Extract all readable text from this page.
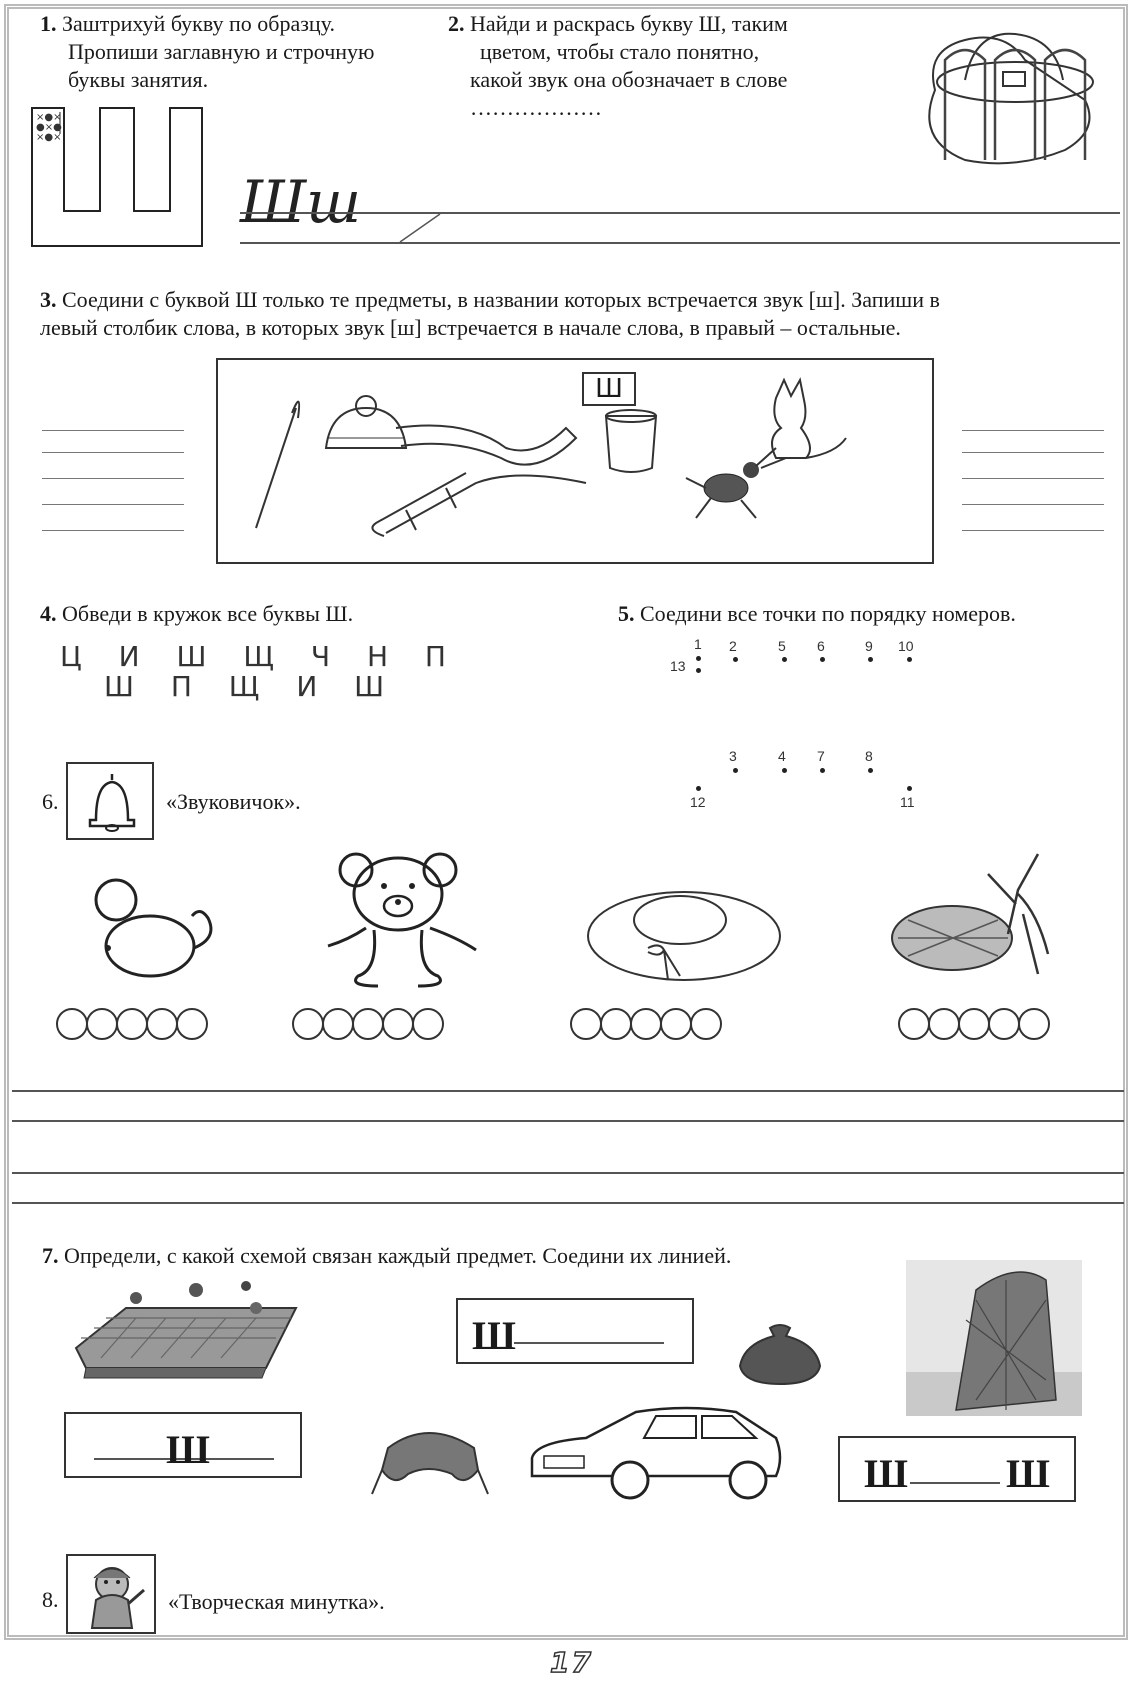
1. Заштрихуй букву по образцу.
Пропиши заглавную и строчную
буквы занятия.
×●×
●×●
×●×
Шш
2. Найди и раскрась букву Ш, таким
цветом, чтобы стало понятно,
какой звук она обозначает в слове
………………
3. Соедини с буквой Ш только те предметы, в названии которых встречается звук [ш]. Запиши в
левый столбик слова, в которых звук [ш] встречается в начале слова, в правый – остальные.
Ш
4. Обведи в кружок все буквы Ш.
Ц И Ш Щ Ч Н П
Ш П Щ И Ш
5. Соедини все точки по порядку номеров.
1 2	5 6	9 10
13
3	4 7	8
12	11
6.	«Звуковичок».
7. Определи, с какой схемой связан каждый предмет. Соедини их линией.
Ш
Ш
Ш Ш
8.	«Творческая минутка».
17
